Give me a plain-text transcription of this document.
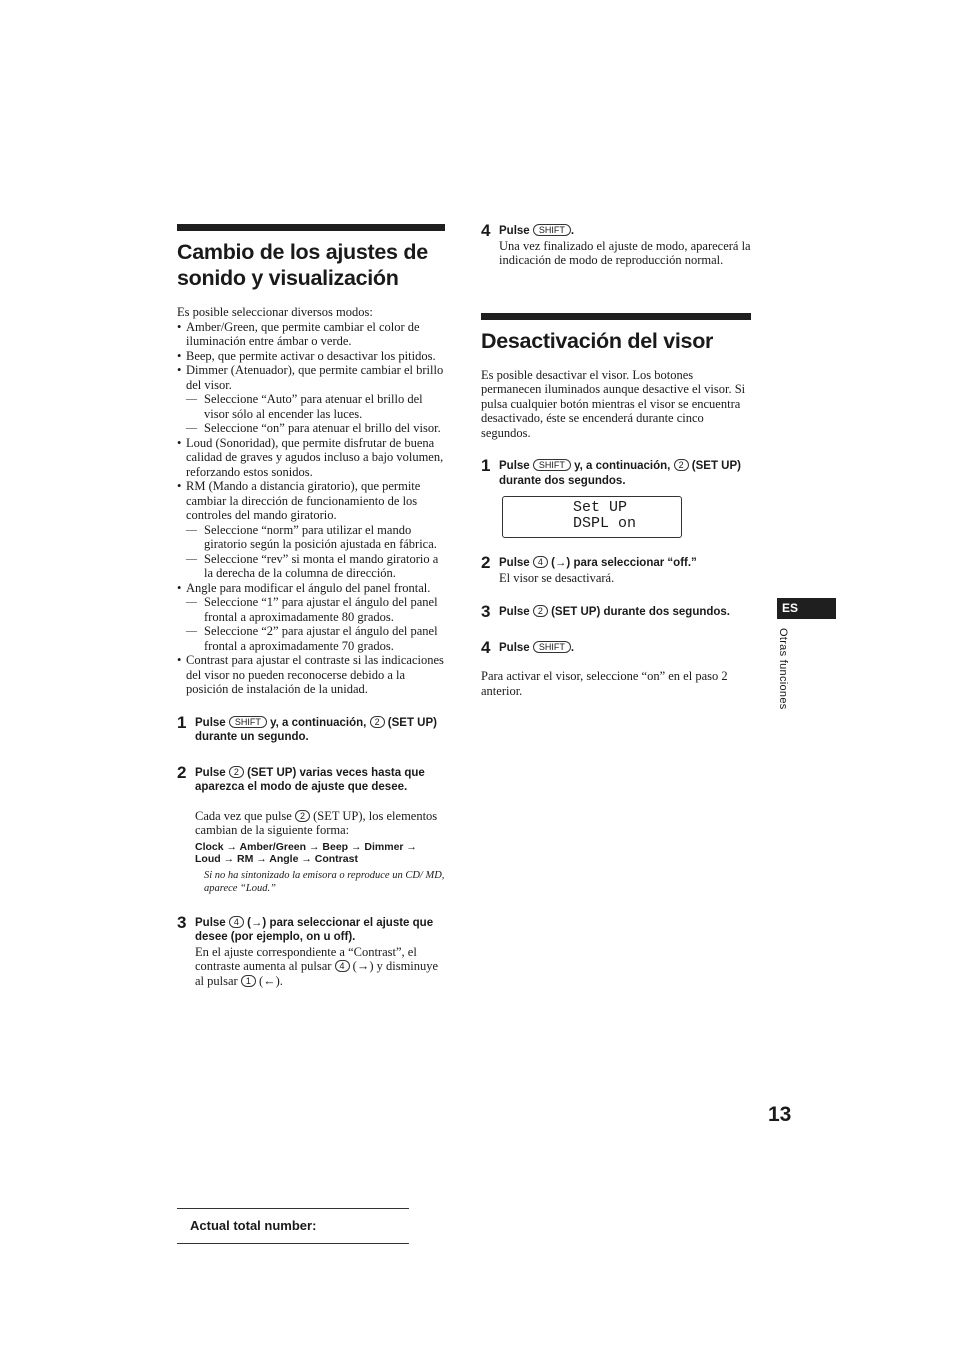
Cambio de los ajustes de sonido y visualización

Es posible seleccionar diversos modos:

• Amber/Green, que permite cambiar el color de iluminación entre ámbar o verde.
• Beep, que permite activar o desactivar los pitidos.
• Dimmer (Atenuador), que permite cambiar el brillo del visor.
— Seleccione “Auto” para atenuar el brillo del visor sólo al encender las luces.
— Seleccione “on” para atenuar el brillo del visor.
• Loud (Sonoridad), que permite disfrutar de buena calidad de graves y agudos incluso a bajo volumen, reforzando estos sonidos.
• RM (Mando a distancia giratorio), que permite cambiar la dirección de funcionamiento de los controles del mando giratorio.
— Seleccione “norm” para utilizar el mando giratorio según la posición ajustada en fábrica.
— Seleccione “rev” si monta el mando giratorio a la derecha de la columna de dirección.
• Angle para modificar el ángulo del panel frontal.
— Seleccione “1” para ajustar el ángulo del panel frontal a aproximadamente 80 grados.
— Seleccione “2” para ajustar el ángulo del panel frontal a aproximadamente 70 grados.
• Contrast para ajustar el contraste si las indicaciones del visor no pueden reconocerse debido a la posición de instalación de la unidad.
1 Pulse SHIFT y, a continuación, 2 (SET UP) durante un segundo.
2 Pulse 2 (SET UP) varias veces hasta que aparezca el modo de ajuste que desee.

Cada vez que pulse 2 (SET UP), los elementos cambian de la siguiente forma:

Clock → Amber/Green → Beep → Dimmer →
Loud → RM → Angle → Contrast
Si no ha sintonizado la emisora o reproduce un CD/ MD, aparece “Loud.”
3 Pulse 4 (→) para seleccionar el ajuste que desee (por ejemplo, on u off).

En el ajuste correspondiente a “Contrast”, el contraste aumenta al pulsar 4 (→) y disminuye al pulsar 1 (←).

4 Pulse SHIFT .

Una vez finalizado el ajuste de modo, aparecerá la indicación de modo de reproducción normal.

Desactivación del visor

Es posible desactivar el visor. Los botones permanecen iluminados aunque desactive el visor. Si pulsa cualquier botón mientras el visor se encuentra desactivado, éste se encenderá durante cinco segundos.

1 Pulse SHIFT y, a continuación, 2 (SET UP) durante dos segundos.
Set UP
DSPL on
2 Pulse 4 (→) para seleccionar “off.”

El visor se desactivará.

3 Pulse 2 (SET UP) durante dos segundos.
4 Pulse SHIFT .

Para activar el visor, seleccione “on” en el paso 2 anterior.

ES
Otras funciones
13
Actual total number:
